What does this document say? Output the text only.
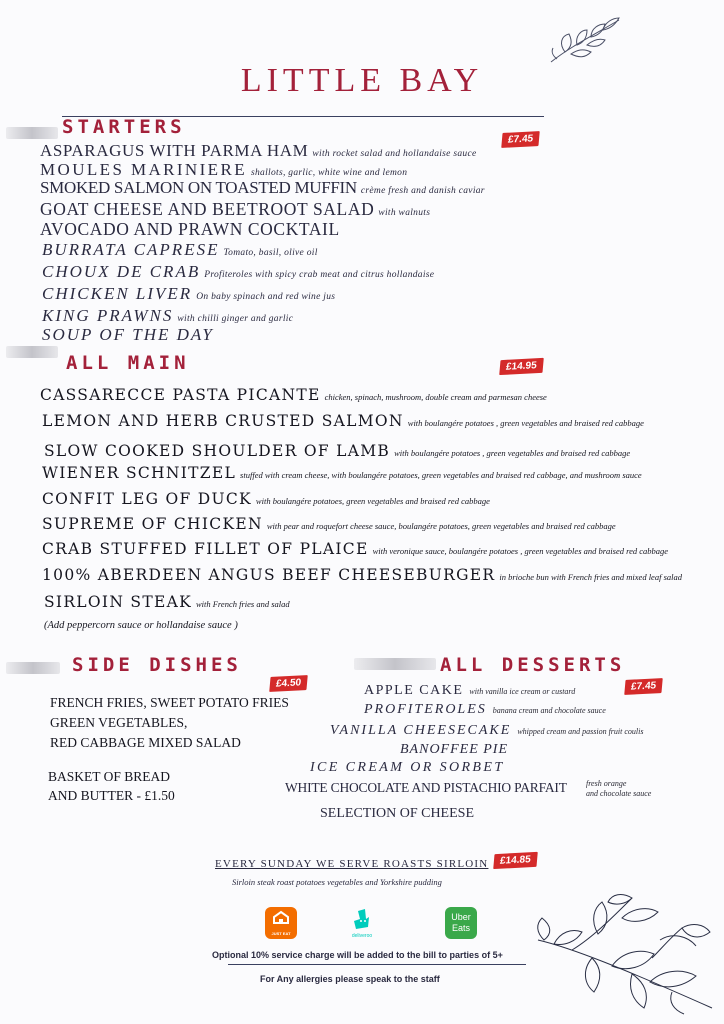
LITTLE BAY
STARTERS
£7.45
ASPARAGUS WITH PARMA HAM with rocket salad and hollandaise sauce
MOULES MARINIERE shallots, garlic, white wine and lemon
SMOKED SALMON ON TOASTED MUFFIN crème fresh and danish caviar
GOAT CHEESE AND BEETROOT SALAD with walnuts
AVOCADO AND PRAWN COCKTAIL
BURRATA CAPRESE Tomato, basil, olive oil
CHOUX DE CRAB Profiteroles with spicy crab meat and citrus hollandaise
CHICKEN LIVER On baby spinach and red wine jus
KING PRAWNS with chilli ginger and garlic
SOUP OF THE DAY
ALL MAIN	£14.95
CASSARECCE PASTA PICANTE chicken, spinach, mushroom, double cream and parmesan cheese
LEMON AND HERB CRUSTED SALMON with boulangére potatoes , green vegetables and braised red cabbage
SLOW COOKED SHOULDER OF LAMB with boulangére potatoes , green vegetables and braised red cabbage
WIENER SCHNITZEL stuffed with cream cheese, with boulangére potatoes, green vegetables and braised red cabbage, and mushroom sauce
CONFIT LEG OF DUCK with boulangére potatoes, green vegetables and braised red cabbage
SUPREME OF CHICKEN with pear and roquefort cheese sauce, boulangére potatoes, green vegetables and braised red cabbage
CRAB STUFFED FILLET OF PLAICE with veronique sauce, boulangére potatoes , green vegetables and braised red cabbage
100% ABERDEEN ANGUS BEEF CHEESEBURGER in brioche bun with French fries and mixed leaf salad
SIRLOIN STEAK with French fries and salad
(Add peppercorn sauce or hollandaise sauce )
SIDE DISHES
£4.50
FRENCH FRIES, SWEET POTATO FRIES
GREEN VEGETABLES,
RED CABBAGE MIXED SALAD
BASKET OF BREAD
AND BUTTER - £1.50
ALL DESSERTS
£7.45
APPLE CAKE with vanilla ice cream or custard
PROFITEROLES banana cream and chocolate sauce
VANILLA CHEESECAKE whipped cream and passion fruit coulis
BANOFFEE PIE
ICE CREAM OR SORBET
WHITE CHOCOLATE AND PISTACHIO PARFAIT fresh orange
and chocolate sauce
SELECTION OF CHEESE
EVERY SUNDAY WE SERVE ROASTS SIRLOIN	£14.85
Sirloin steak roast potatoes vegetables and Yorkshire pudding
JUST EAT	deliveroo
Uber
Eats
Optional 10% service charge will be added to the bill to parties of 5+
For Any allergies please speak to the staff
